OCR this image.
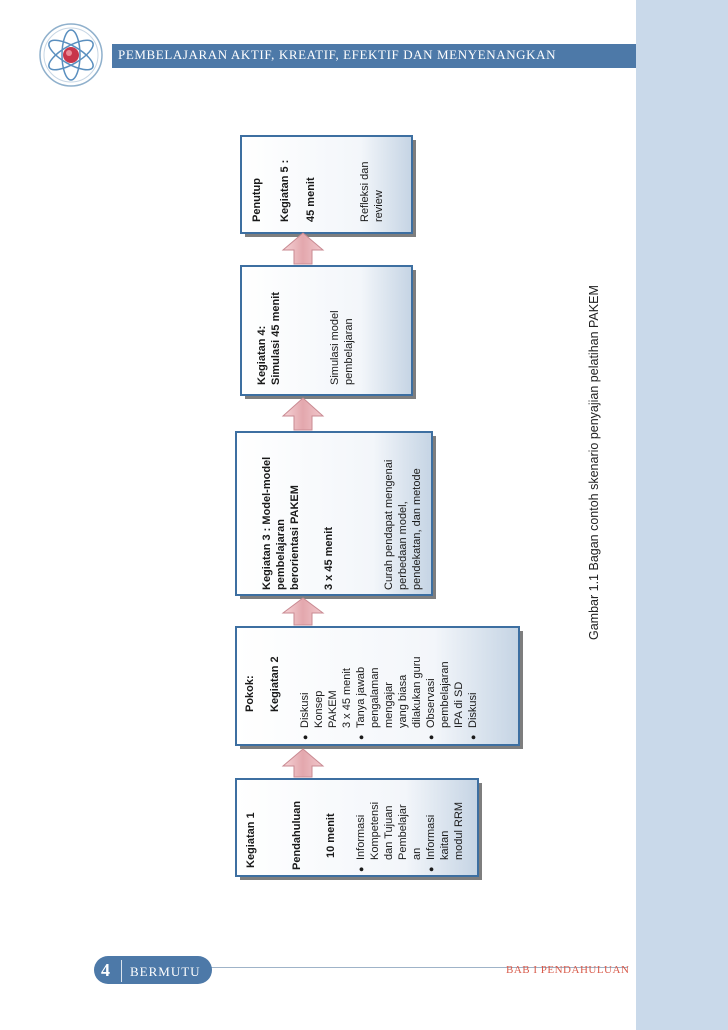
PEMBELAJARAN AKTIF, KREATIF, EFEKTIF DAN MENYENANGKAN
Kegiatan 1	Pendahuluan 10 menit ● Informasi Kompetensi dan Tujuan Pembelajar an ● Informasi kaitan modul RRM
Pokok: Kegiatan 2 ● Diskusi Konsep PAKEM 3 x 45 menit ● Tanya jawab pengalaman mengajar yang biasa dilakukan guru ● Observasi pembelajaran IPA di SD ● Diskusi
Kegiatan 3 : Model-model pembelajaran berorientasi PAKEM 3 x 45 menit	Curah pendapat mengenai perbedaan model, pendekatan, dan metode
Kegiatan 4: Simulasi 45 menit	Simulasi model pembelajaran
Penutup Kegiatan 5 : 45 menit	Refleksi dan review
Gambar 1.1 Bagan contoh skenario penyajian pelatihan PAKEM
4 BERMUTU	BAB I PENDAHULUAN
